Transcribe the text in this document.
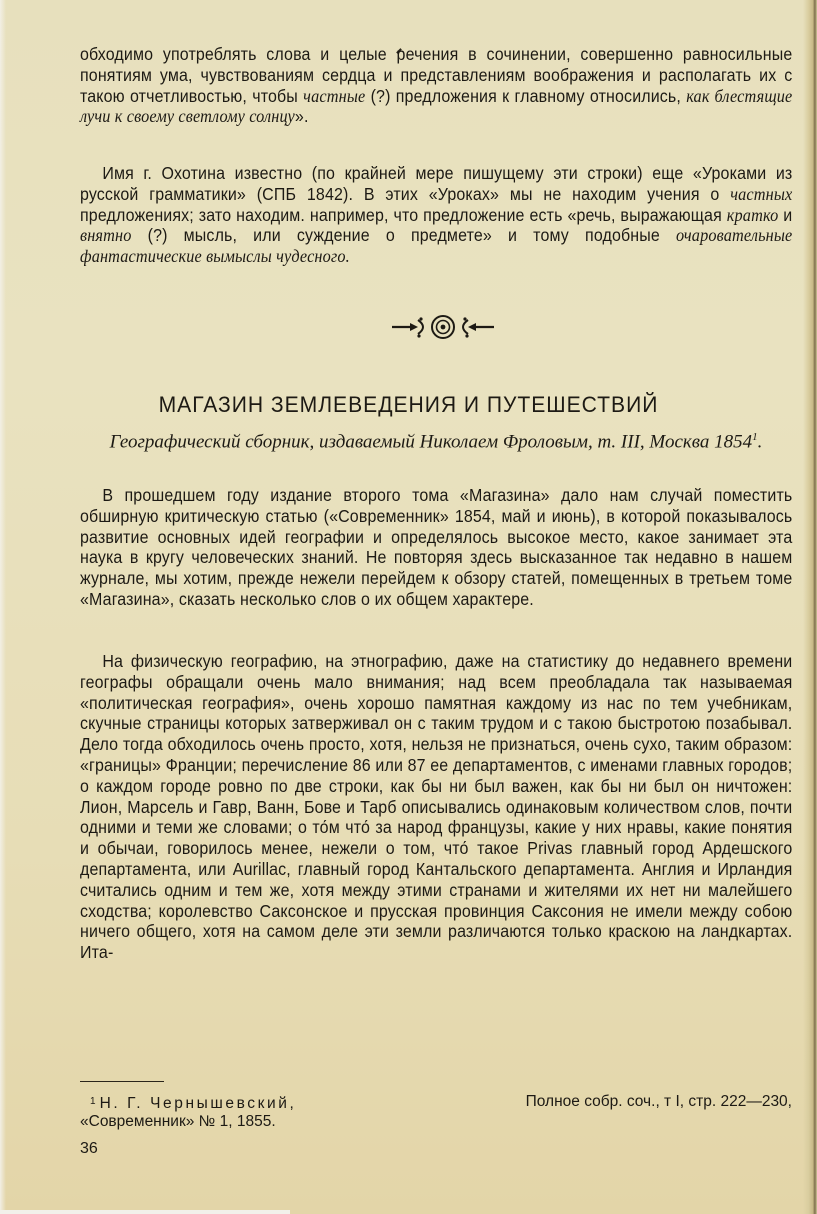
обходимо употреблять слова и целые речения в сочинении, совершенно равносильные понятиям ума, чувствованиям сердца и представлениям воображения и располагать их с такою отчетливостью, чтобы частные (?) предложения к главному относились, как блестящие лучи к своему светлому солнцу».

Имя г. Охотина известно (по крайней мере пишущему эти строки) еще «Уроками из русской грамматики» (СПБ 1842). В этих «Уроках» мы не находим учения о частных предложениях; зато находим. например, что предложение есть «речь, выражающая кратко и внятно (?) мысль, или суждение о предмете» и тому подобные очаровательные фантастические вымыслы чудесного.

МАГАЗИН ЗЕМЛЕВЕДЕНИЯ И ПУТЕШЕСТВИЙ

Географический сборник, издаваемый Николаем Фроловым, т. III, Москва 1854$^1$.

В прошедшем году издание второго тома «Магазина» дало нам случай поместить обширную критическую статью («Современник» 1854, май и июнь), в которой показывалось развитие основных идей географии и определялось высокое место, какое занимает эта наука в кругу человеческих знаний. Не повторяя здесь высказанное так недавно в нашем журнале, мы хотим, прежде нежели перейдем к обзору статей, помещенных в третьем томе «Магазина», сказать несколько слов о их общем характере.

На физическую географию, на этнографию, даже на статистику до недавнего времени географы обращали очень мало внимания; над всем преобладала так называемая «политическая география», очень хорошо памятная каждому из нас по тем учебникам, скучные страницы которых затверживал он с таким трудом и с такою быстротою позабывал. Дело тогда обходилось очень просто, хотя, нельзя не признаться, очень сухо, таким образом: «границы» Франции; перечисление 86 или 87 ее департаментов, с именами главных городов; о каждом городе ровно по две строки, как бы ни был важен, как бы ни был он ничтожен: Лион, Марсель и Гавр, Ванн, Бове и Тарб описывались одинаковым количеством слов, почти одними и теми же словами; о то́м что́ за народ французы, какие у них нравы, какие понятия и обычаи, говорилось менее, нежели о том, что́ такое Privas главный город Ардешского департамента, или Aurillac, главный город Кантальского департамента. Англия и Ирландия считались одним и тем же, хотя между этими странами и жителями их нет ни малейшего сходства; королевство Саксонское и прусская провинция Саксония не имели между собою ничего общего, хотя на самом деле эти земли различаются только краскою на ландкартах. Ита-

$^1$ Н. Г. Чернышевский,	Полное собр. соч., т I, стр. 222—230,
«Современник» № 1, 1855.

36
